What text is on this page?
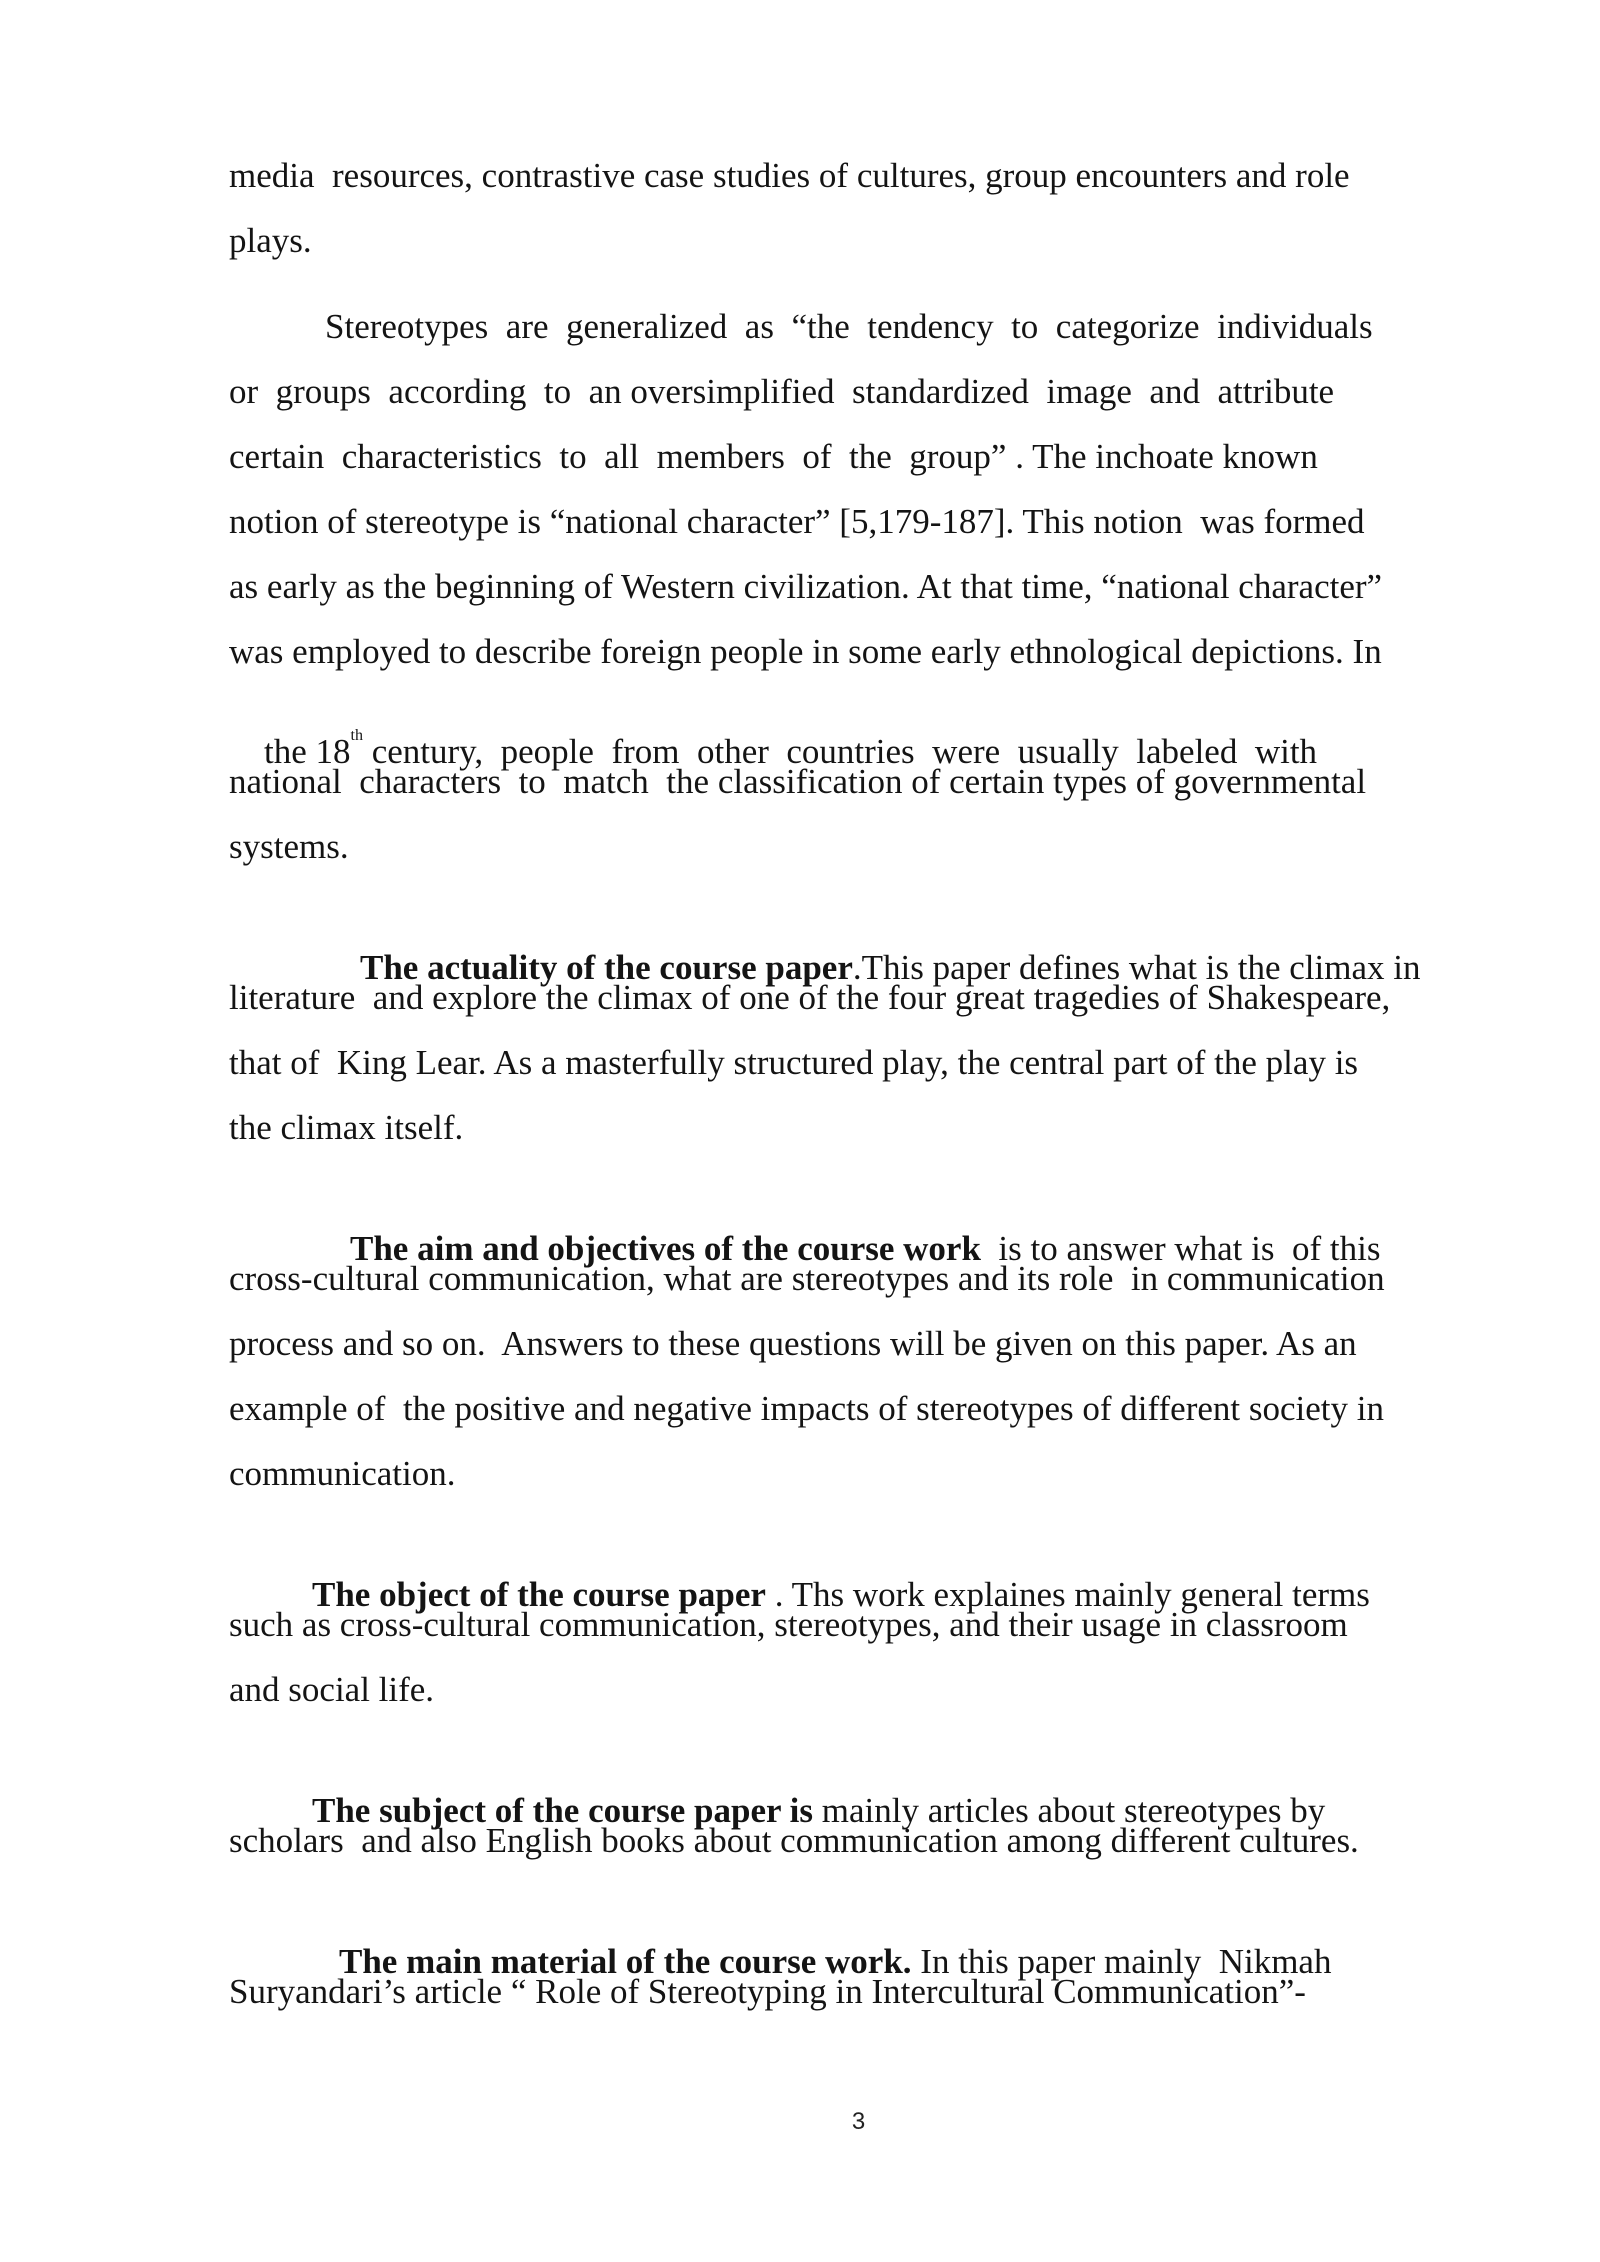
media  resources, contrastive case studies of cultures, group encounters and role
plays.
Stereotypes  are  generalized  as  “the  tendency  to  categorize  individuals
or  groups  according  to  an oversimplified  standardized  image  and  attribute
certain  characteristics  to  all  members  of  the  group” . The inchoate known
notion of stereotype is “national character” [5,179-187]. This notion  was formed
as early as the beginning of Western civilization. At that time, “national character”
was employed to describe foreign people in some early ethnological depictions. In

the 18th century,  people  from  other  countries  were  usually  labeled  with

national  characters  to  match  the classification of certain types of governmental
systems.

The actuality of the course paper.This paper defines what is the climax in

literature  and explore the climax of one of the four great tragedies of Shakespeare,
that of  King Lear. As a masterfully structured play, the central part of the play is
the climax itself.

The aim and objectives of the course work  is to answer what is  of this

cross-cultural communication, what are stereotypes and its role  in communication
process and so on.  Answers to these questions will be given on this paper. As an
example of  the positive and negative impacts of stereotypes of different society in
communication.

The object of the course paper . Ths work explaines mainly general terms

such as cross-cultural communication, stereotypes, and their usage in classroom
and social life.

The subject of the course paper is mainly articles about stereotypes by

scholars  and also English books about communication among different cultures.

The main material of the course work. In this paper mainly  Nikmah

Suryandari’s article “ Role of Stereotyping in Intercultural Communication”-
3
